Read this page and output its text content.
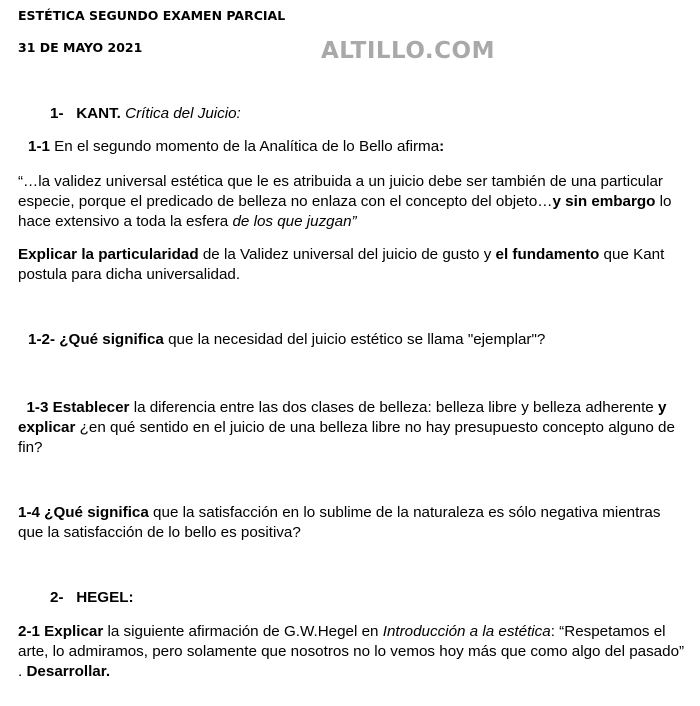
ESTÉTICA SEGUNDO EXAMEN PARCIAL
31 DE MAYO 2021	ALTILLO.COM
1- KANT. Crítica del Juicio:
1-1 En el segundo momento de la Analítica de lo Bello afirma:
“…la validez universal estética que le es atribuida a un juicio debe ser también de una particular especie, porque el predicado de belleza no enlaza con el concepto del objeto…y sin embargo lo hace extensivo a toda la esfera de los que juzgan”
Explicar la particularidad de la Validez universal del juicio de gusto y el fundamento que Kant postula para dicha universalidad.
1-2- ¿Qué significa que la necesidad del juicio estético se llama "ejemplar"?
1-3 Establecer la diferencia entre las dos clases de belleza: belleza libre y belleza adherente y explicar ¿en qué sentido en el juicio de una belleza libre no hay presupuesto concepto alguno de fin?
1-4 ¿Qué significa que la satisfacción en lo sublime de la naturaleza es sólo negativa mientras que la satisfacción de lo bello es positiva?
2- HEGEL:
2-1 Explicar la siguiente afirmación de G.W.Hegel en Introducción a la estética: “Respetamos el arte, lo admiramos, pero solamente que nosotros no lo vemos hoy más que como algo del pasado” . Desarrollar.
